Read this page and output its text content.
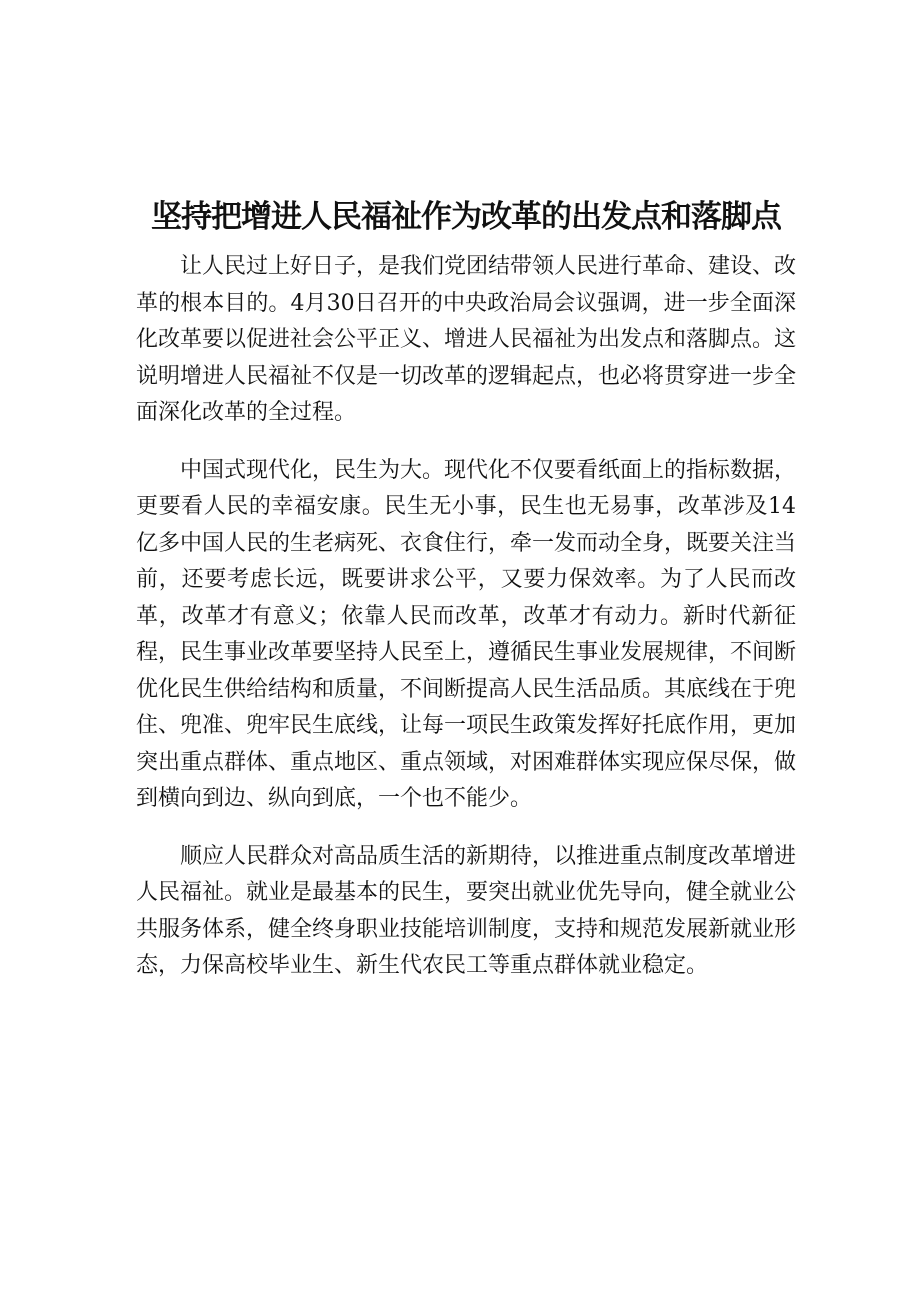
坚持把增进人民福祉作为改革的出发点和落脚点

让人民过上好日子，是我们党团结带领人民进行革命、建设、改革的根本目的。4月30日召开的中央政治局会议强调，进一步全面深化改革要以促进社会公平正义、增进人民福祉为出发点和落脚点。这说明增进人民福祉不仅是一切改革的逻辑起点，也必将贯穿进一步全面深化改革的全过程。

中国式现代化，民生为大。现代化不仅要看纸面上的指标数据，更要看人民的幸福安康。民生无小事，民生也无易事，改革涉及14亿多中国人民的生老病死、衣食住行，牵一发而动全身，既要关注当前，还要考虑长远，既要讲求公平，又要力保效率。为了人民而改革，改革才有意义；依靠人民而改革，改革才有动力。新时代新征程，民生事业改革要坚持人民至上，遵循民生事业发展规律，不间断优化民生供给结构和质量，不间断提高人民生活品质。其底线在于兜住、兜准、兜牢民生底线，让每一项民生政策发挥好托底作用，更加突出重点群体、重点地区、重点领域，对困难群体实现应保尽保，做到横向到边、纵向到底，一个也不能少。

顺应人民群众对高品质生活的新期待，以推进重点制度改革增进人民福祉。就业是最基本的民生，要突出就业优先导向，健全就业公共服务体系，健全终身职业技能培训制度，支持和规范发展新就业形态，力保高校毕业生、新生代农民工等重点群体就业稳定。
